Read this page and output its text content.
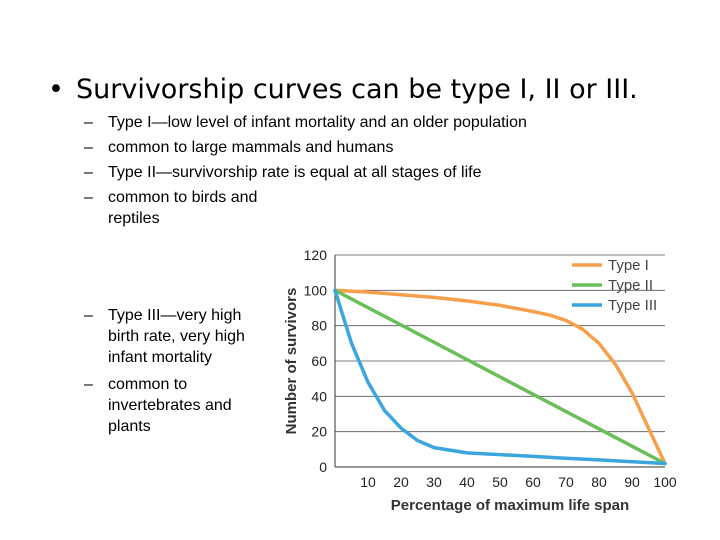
• Survivorship curves can be type I, II or III.
– Type I—low level of infant mortality and an older population
– common to large mammals and humans
– Type II—survivorship rate is equal at all stages of life
– common to birds and reptiles
– Type III—very high birth rate, very high infant mortality
– common to invertebrates and plants
0
20
40
60
80
100
120
10 20 30 40 50 60 70 80 90 100
Type I
Type II
Type III
Percentage of maximum life span
Number of survivors
